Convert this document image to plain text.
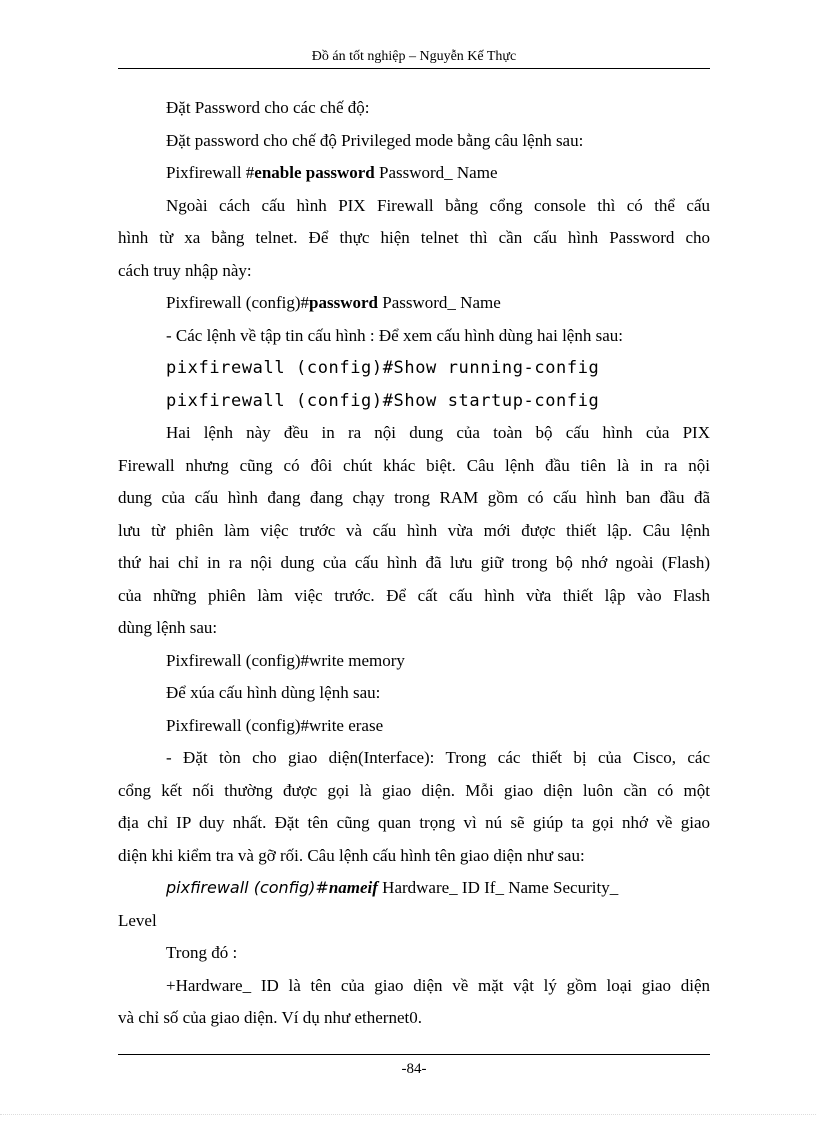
Đồ án tốt nghiệp – Nguyễn Kế Thực
Đặt Password cho các chế độ:
Đặt password cho chế độ Privileged mode bằng câu lệnh sau:
Pixfirewall #enable password Password_ Name
Ngoài cách cấu hình PIX Firewall bằng cổng console thì có thể cấu
hình từ xa bằng telnet. Để thực hiện telnet thì cần cấu hình Password cho
cách truy nhập này:
Pixfirewall (config)#password Password_ Name
- Các lệnh về tập tin cấu hình : Để xem cấu hình dùng hai lệnh sau:
pixfirewall (config)#Show running-config
pixfirewall (config)#Show startup-config
Hai lệnh này đều in ra nội dung của toàn bộ cấu hình của PIX
Firewall nhưng cũng có đôi chút khác biệt. Câu lệnh đầu tiên là in ra nội
dung của cấu hình đang đang chạy trong RAM gồm có cấu hình ban đầu đã
lưu từ phiên làm việc trước và cấu hình vừa mới được thiết lập. Câu lệnh
thứ hai chỉ in ra nội dung của cấu hình đã lưu giữ trong bộ nhớ ngoài (Flash)
của những phiên làm việc trước. Để cất cấu hình vừa thiết lập vào Flash
dùng lệnh sau:
Pixfirewall (config)#write memory
Để xúa cấu hình dùng lệnh sau:
Pixfirewall (config)#write erase
- Đặt tòn cho giao diện(Interface): Trong các thiết bị của Cisco, các
cổng kết nối thường được gọi là giao diện. Mỗi giao diện luôn cần có một
địa chỉ IP duy nhất. Đặt tên cũng quan trọng vì nú sẽ giúp ta gọi nhớ về giao
diện khi kiểm tra và gỡ rối. Câu lệnh cấu hình tên giao diện như sau:
pixfirewall (config)#nameif Hardware_ ID If_ Name Security_
Level
Trong đó :
+Hardware_ ID là tên của giao diện về mặt vật lý gồm loại giao diện
và chỉ số của giao diện. Ví dụ như ethernet0.
-84-
